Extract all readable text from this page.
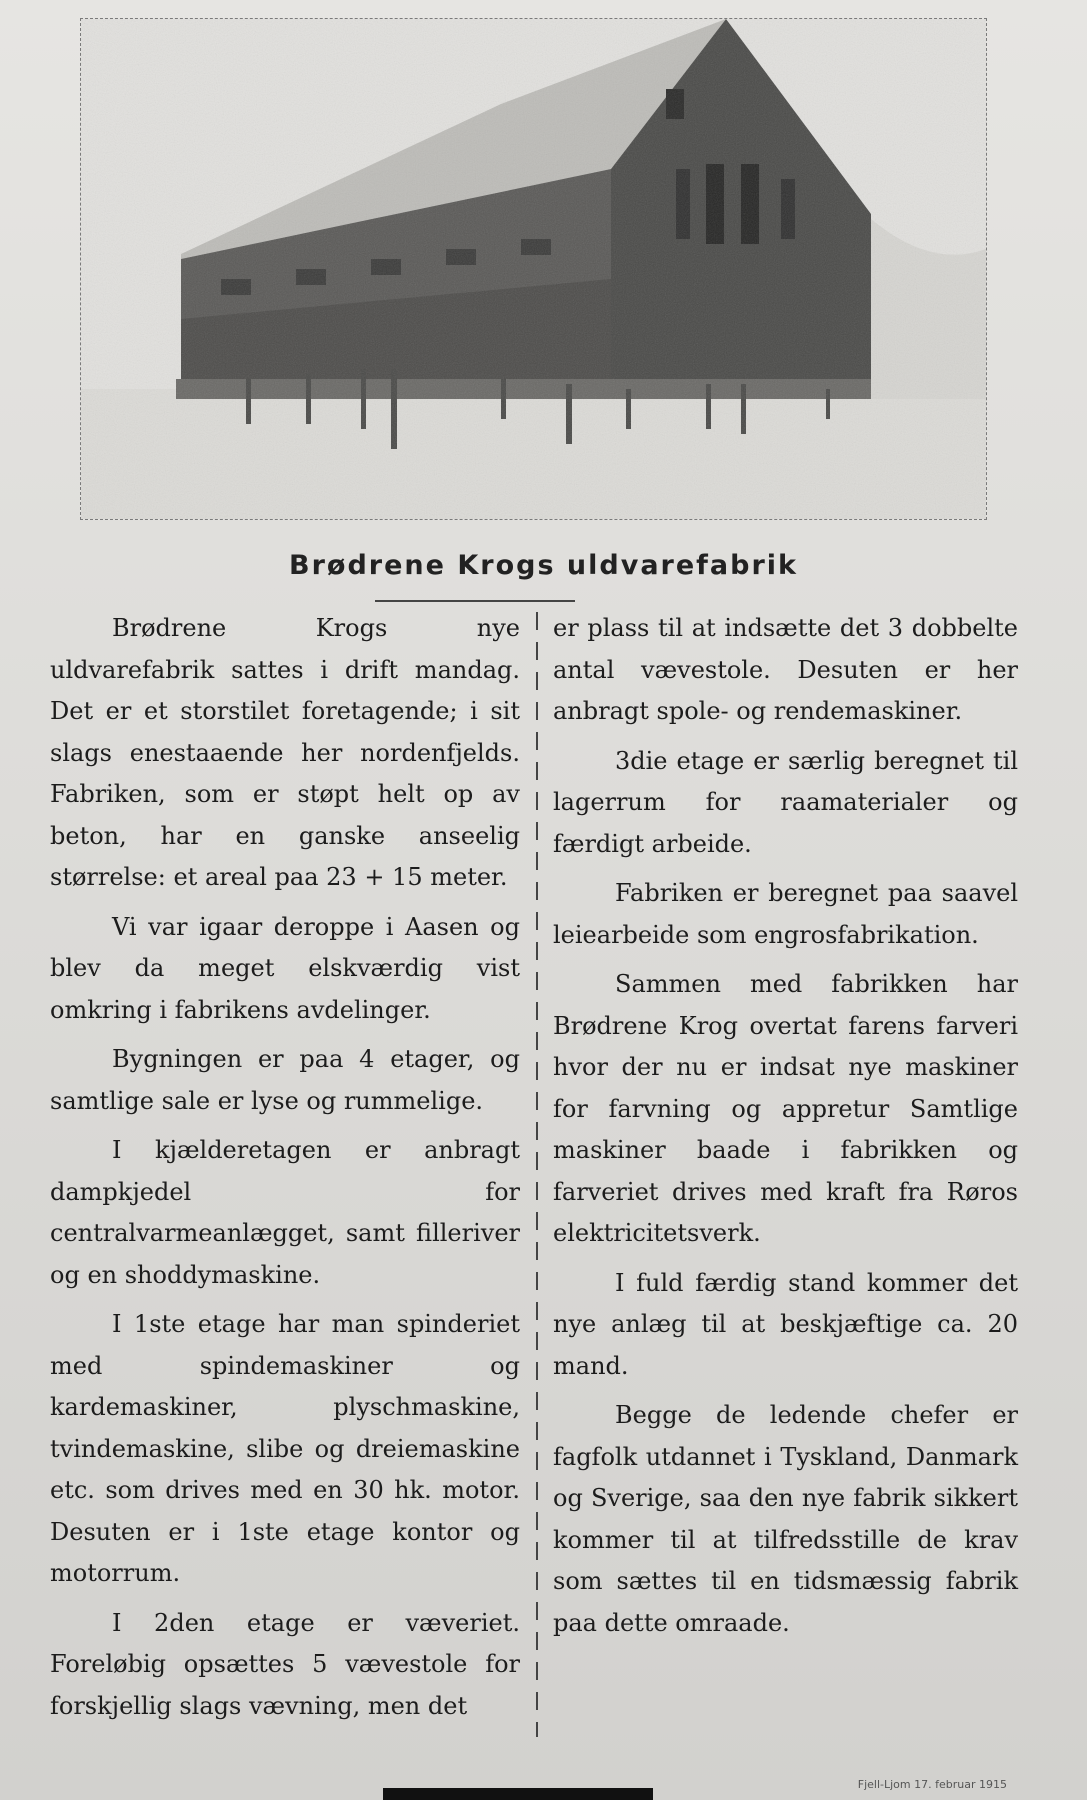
Brødrene Krogs uldvarefabrik

Brødrene Krogs nye uldvarefabrik sattes i drift mandag. Det er et storstilet foretagende; i sit slags enestaaende her nordenfjelds. Fabriken, som er støpt helt op av beton, har en ganske anseelig størrelse: et areal paa 23 + 15 meter.

Vi var igaar deroppe i Aasen og blev da meget elskværdig vist omkring i fabrikens avdelinger.

Bygningen er paa 4 etager, og samtlige sale er lyse og rummelige.

I kjælderetagen er anbragt dampkjedel for centralvarmeanlægget, samt filleriver og en shoddymaskine.

I 1ste etage har man spinderiet med spindemaskiner og kardemaskiner, plyschmaskine, tvindemaskine, slibe og dreiemaskine etc. som drives med en 30 hk. motor. Desuten er i 1ste etage kontor og motorrum.

I 2den etage er væveriet. Foreløbig opsættes 5 vævestole for forskjellig slags vævning, men det

er plass til at indsætte det 3 dobbelte antal vævestole. Desuten er her anbragt spole- og rendemaskiner.

3die etage er særlig beregnet til lagerrum for raamaterialer og færdigt arbeide.

Fabriken er beregnet paa saavel leiearbeide som engrosfabrikation.

Sammen med fabrikken har Brødrene Krog overtat farens farveri hvor der nu er indsat nye maskiner for farvning og appretur Samtlige maskiner baade i fabrikken og farveriet drives med kraft fra Røros elektricitetsverk.

I fuld færdig stand kommer det nye anlæg til at beskjæftige ca. 20 mand.

Begge de ledende chefer er fagfolk utdannet i Tyskland, Danmark og Sverige, saa den nye fabrik sikkert kommer til at tilfredsstille de krav som sættes til en tidsmæssig fabrik paa dette omraade.

Fjell-Ljom 17. februar 1915
